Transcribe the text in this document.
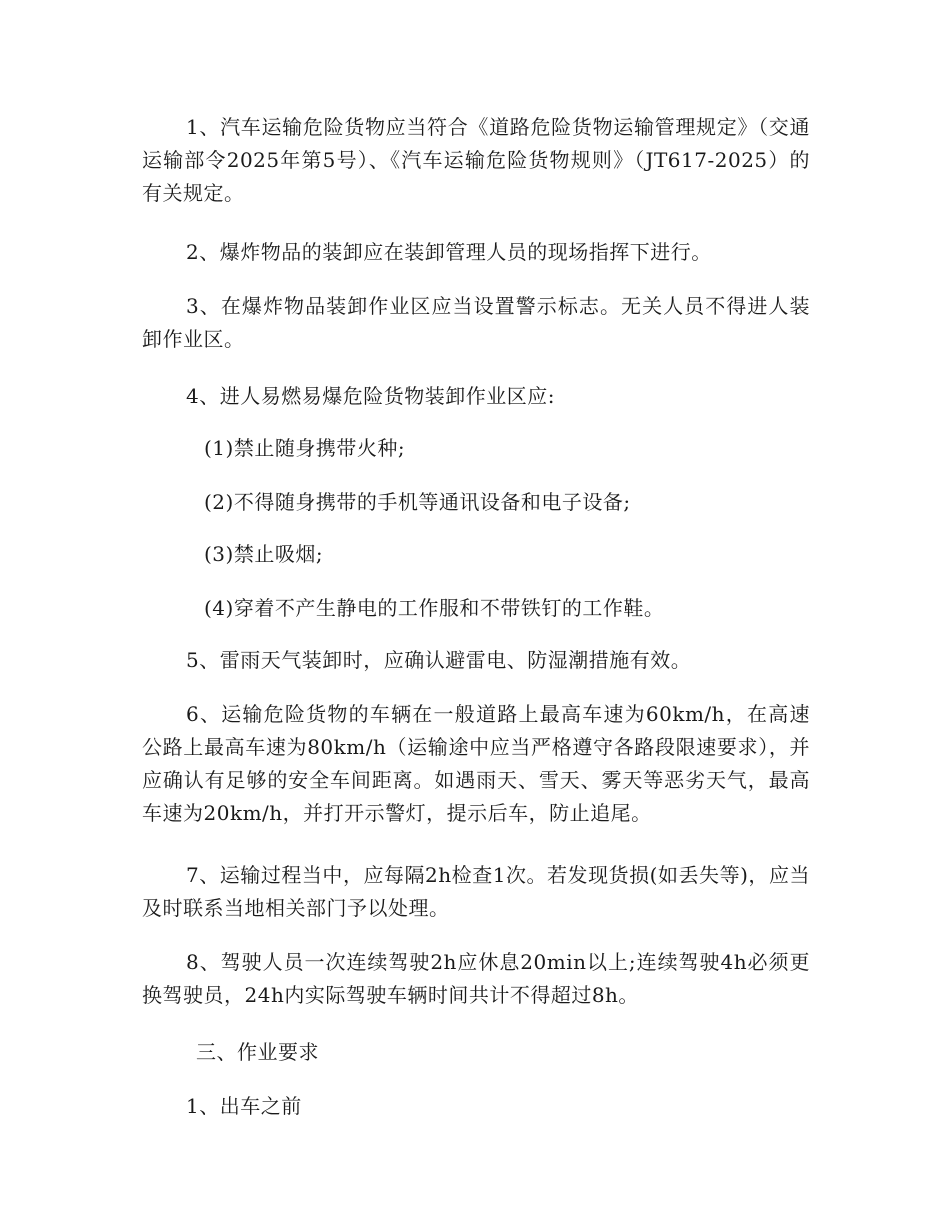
1、汽车运输危险货物应当符合《道路危险货物运输管理规定》（交通运输部令2025年第5号）、《汽车运输危险货物规则》（JT617-2025）的有关规定。

2、爆炸物品的装卸应在装卸管理人员的现场指挥下进行。

3、在爆炸物品装卸作业区应当设置警示标志。无关人员不得进人装卸作业区。

4、进人易燃易爆危险货物装卸作业区应:

(1)禁止随身携带火种;

(2)不得随身携带的手机等通讯设备和电子设备;

(3)禁止吸烟;

(4)穿着不产生静电的工作服和不带铁钉的工作鞋。

5、雷雨天气装卸时，应确认避雷电、防湿潮措施有效。

6、运输危险货物的车辆在一般道路上最高车速为60km/h，在高速公路上最高车速为80km/h（运输途中应当严格遵守各路段限速要求），并应确认有足够的安全车间距离。如遇雨天、雪天、雾天等恶劣天气，最高车速为20km/h，并打开示警灯，提示后车，防止追尾。

7、运输过程当中，应每隔2h检查1次。若发现货损(如丢失等)，应当及时联系当地相关部门予以处理。

8、驾驶人员一次连续驾驶2h应休息20min以上;连续驾驶4h必须更换驾驶员，24h内实际驾驶车辆时间共计不得超过8h。

三、作业要求

1、出车之前
